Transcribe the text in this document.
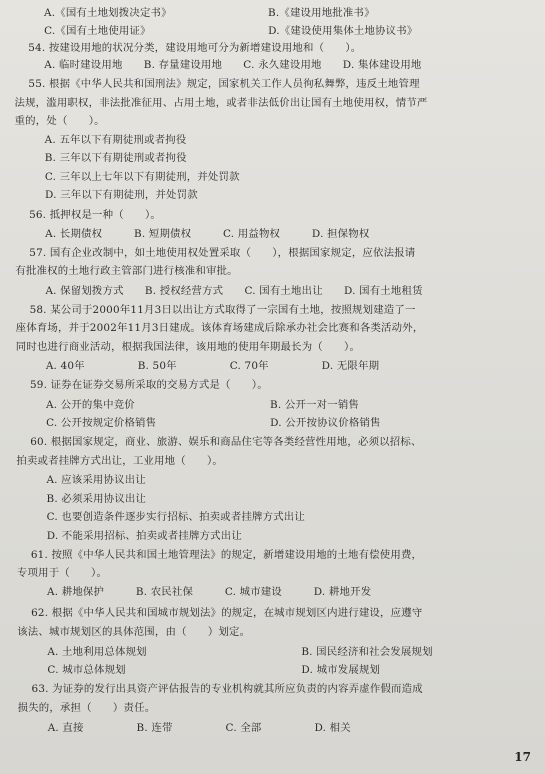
A.《国有土地划拨决定书》	B.《建设用地批准书》
C.《国有土地使用证》	D.《建设使用集体土地协议书》
54. 按建设用地的状况分类，建设用地可分为新增建设用地和（　　）。
A. 临时建设用地　　B. 存量建设用地　　C. 永久建设用地　　D. 集体建设用地
55. 根据《中华人民共和国刑法》规定，国家机关工作人员徇私舞弊，违反土地管理
法规，滥用职权，非法批准征用、占用土地，或者非法低价出让国有土地使用权，情节严
重的，处（　　）。
A. 五年以下有期徒刑或者拘役
B. 三年以下有期徒刑或者拘役
C. 三年以上七年以下有期徒刑，并处罚款
D. 三年以下有期徒刑，并处罚款
56. 抵押权是一种（　　）。
A. 长期债权　　　B. 短期债权　　　C. 用益物权　　　D. 担保物权
57. 国有企业改制中，如土地使用权处置采取（　　），根据国家规定，应依法报请
有批准权的土地行政主管部门进行核准和审批。
A. 保留划拨方式　　B. 授权经营方式　　C. 国有土地出让　　D. 国有土地租赁
58. 某公司于2000年11月3日以出让方式取得了一宗国有土地，按照规划建造了一
座体育场，并于2002年11月3日建成。该体育场建成后除承办社会比赛和各类活动外，
同时也进行商业活动，根据我国法律，该用地的使用年期最长为（　　）。
A. 40年　　　　　B. 50年　　　　　C. 70年　　　　　D. 无限年期
59. 证券在证券交易所采取的交易方式是（　　）。
A. 公开的集中竞价	B. 公开一对一销售
C. 公开按规定价格销售	D. 公开按协议价格销售
60. 根据国家规定，商业、旅游、娱乐和商品住宅等各类经营性用地，必须以招标、
拍卖或者挂牌方式出让，工业用地（　　）。
A. 应该采用协议出让
B. 必须采用协议出让
C. 也要创造条件逐步实行招标、拍卖或者挂牌方式出让
D. 不能采用招标、拍卖或者挂牌方式出让
61. 按照《中华人民共和国土地管理法》的规定，新增建设用地的土地有偿使用费，
专项用于（　　）。
A. 耕地保护　　　B. 农民社保　　　C. 城市建设　　　D. 耕地开发
62. 根据《中华人民共和国城市规划法》的规定，在城市规划区内进行建设，应遵守
该法、城市规划区的具体范围，由（　　）划定。
A. 土地利用总体规划	B. 国民经济和社会发展规划
C. 城市总体规划	D. 城市发展规划
63. 为证券的发行出具资产评估报告的专业机构就其所应负责的内容弄虚作假而造成
损失的，承担（　　）责任。
A. 直接　　　　　B. 连带　　　　　C. 全部　　　　　D. 相关
17
